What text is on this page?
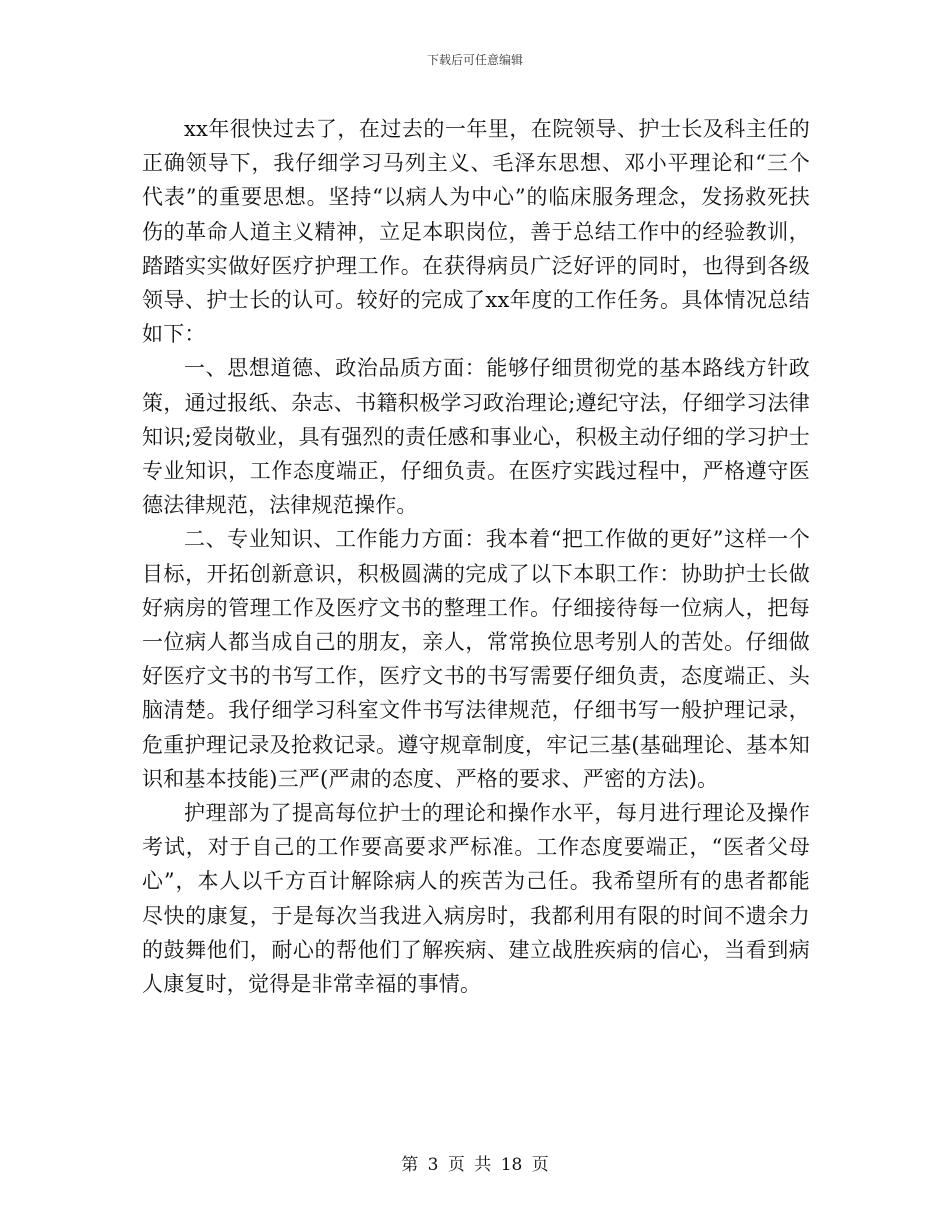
下载后可任意编辑

xx年很快过去了，在过去的一年里，在院领导、护士长及科主任的正确领导下，我仔细学习马列主义、毛泽东思想、邓小平理论和“三个代表”的重要思想。坚持“以病人为中心”的临床服务理念，发扬救死扶伤的革命人道主义精神，立足本职岗位，善于总结工作中的经验教训，踏踏实实做好医疗护理工作。在获得病员广泛好评的同时，也得到各级领导、护士长的认可。较好的完成了xx年度的工作任务。具体情况总结如下：

一、思想道德、政治品质方面：能够仔细贯彻党的基本路线方针政策，通过报纸、杂志、书籍积极学习政治理论;遵纪守法，仔细学习法律知识;爱岗敬业，具有强烈的责任感和事业心，积极主动仔细的学习护士专业知识，工作态度端正，仔细负责。在医疗实践过程中，严格遵守医德法律规范，法律规范操作。

二、专业知识、工作能力方面：我本着“把工作做的更好”这样一个目标，开拓创新意识，积极圆满的完成了以下本职工作：协助护士长做好病房的管理工作及医疗文书的整理工作。仔细接待每一位病人，把每一位病人都当成自己的朋友，亲人，常常换位思考别人的苦处。仔细做好医疗文书的书写工作，医疗文书的书写需要仔细负责，态度端正、头脑清楚。我仔细学习科室文件书写法律规范，仔细书写一般护理记录，危重护理记录及抢救记录。遵守规章制度，牢记三基(基础理论、基本知识和基本技能)三严(严肃的态度、严格的要求、严密的方法)。

护理部为了提高每位护士的理论和操作水平，每月进行理论及操作考试，对于自己的工作要高要求严标准。工作态度要端正，“医者父母心”，本人以千方百计解除病人的疾苦为己任。我希望所有的患者都能尽快的康复，于是每次当我进入病房时，我都利用有限的时间不遗余力的鼓舞他们，耐心的帮他们了解疾病、建立战胜疾病的信心，当看到病人康复时，觉得是非常幸福的事情。

第 3 页 共 18 页
